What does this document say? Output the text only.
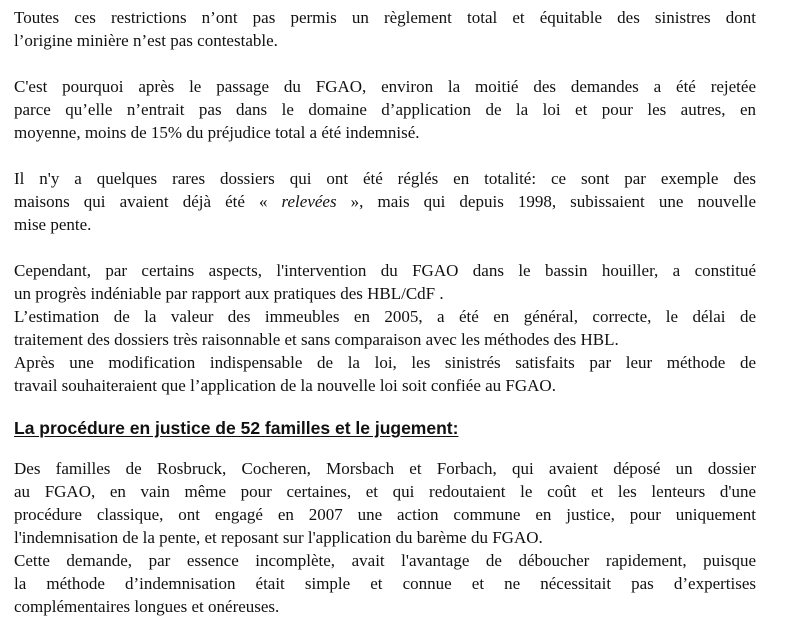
Toutes ces restrictions n’ont pas permis un règlement total et équitable des sinistres dont
l’origine minière n’est pas contestable.
C'est pourquoi après le passage du FGAO, environ la moitié des demandes a été rejetée
parce qu’elle n’entrait pas dans le domaine d’application de la loi et pour les autres, en
moyenne, moins de 15% du préjudice total a été indemnisé.
Il n'y a quelques rares dossiers qui ont été réglés en totalité: ce sont par exemple des
maisons qui avaient déjà été « relevées », mais qui depuis 1998, subissaient une nouvelle
mise pente.
Cependant, par certains aspects, l'intervention du FGAO dans le bassin houiller, a constitué
un progrès indéniable par rapport aux pratiques des HBL/CdF .
L’estimation de la valeur des immeubles en 2005, a été en général, correcte, le délai de
traitement des dossiers très raisonnable et sans comparaison avec les méthodes des HBL.
Après une modification indispensable de la loi, les sinistrés satisfaits par leur méthode de
travail souhaiteraient que l’application de la nouvelle loi soit confiée au FGAO.
La procédure en justice de 52 familles et le jugement:
Des familles de Rosbruck, Cocheren, Morsbach et Forbach, qui avaient déposé un dossier
au FGAO, en vain même pour certaines, et qui redoutaient le coût et les lenteurs d'une
procédure classique, ont engagé en 2007 une action commune en justice, pour uniquement
l'indemnisation de la pente, et reposant sur l'application du barème du FGAO.
Cette demande, par essence incomplète, avait l'avantage de déboucher rapidement, puisque
la méthode d’indemnisation était simple et connue et ne nécessitait pas d’expertises
complémentaires longues et onéreuses.
